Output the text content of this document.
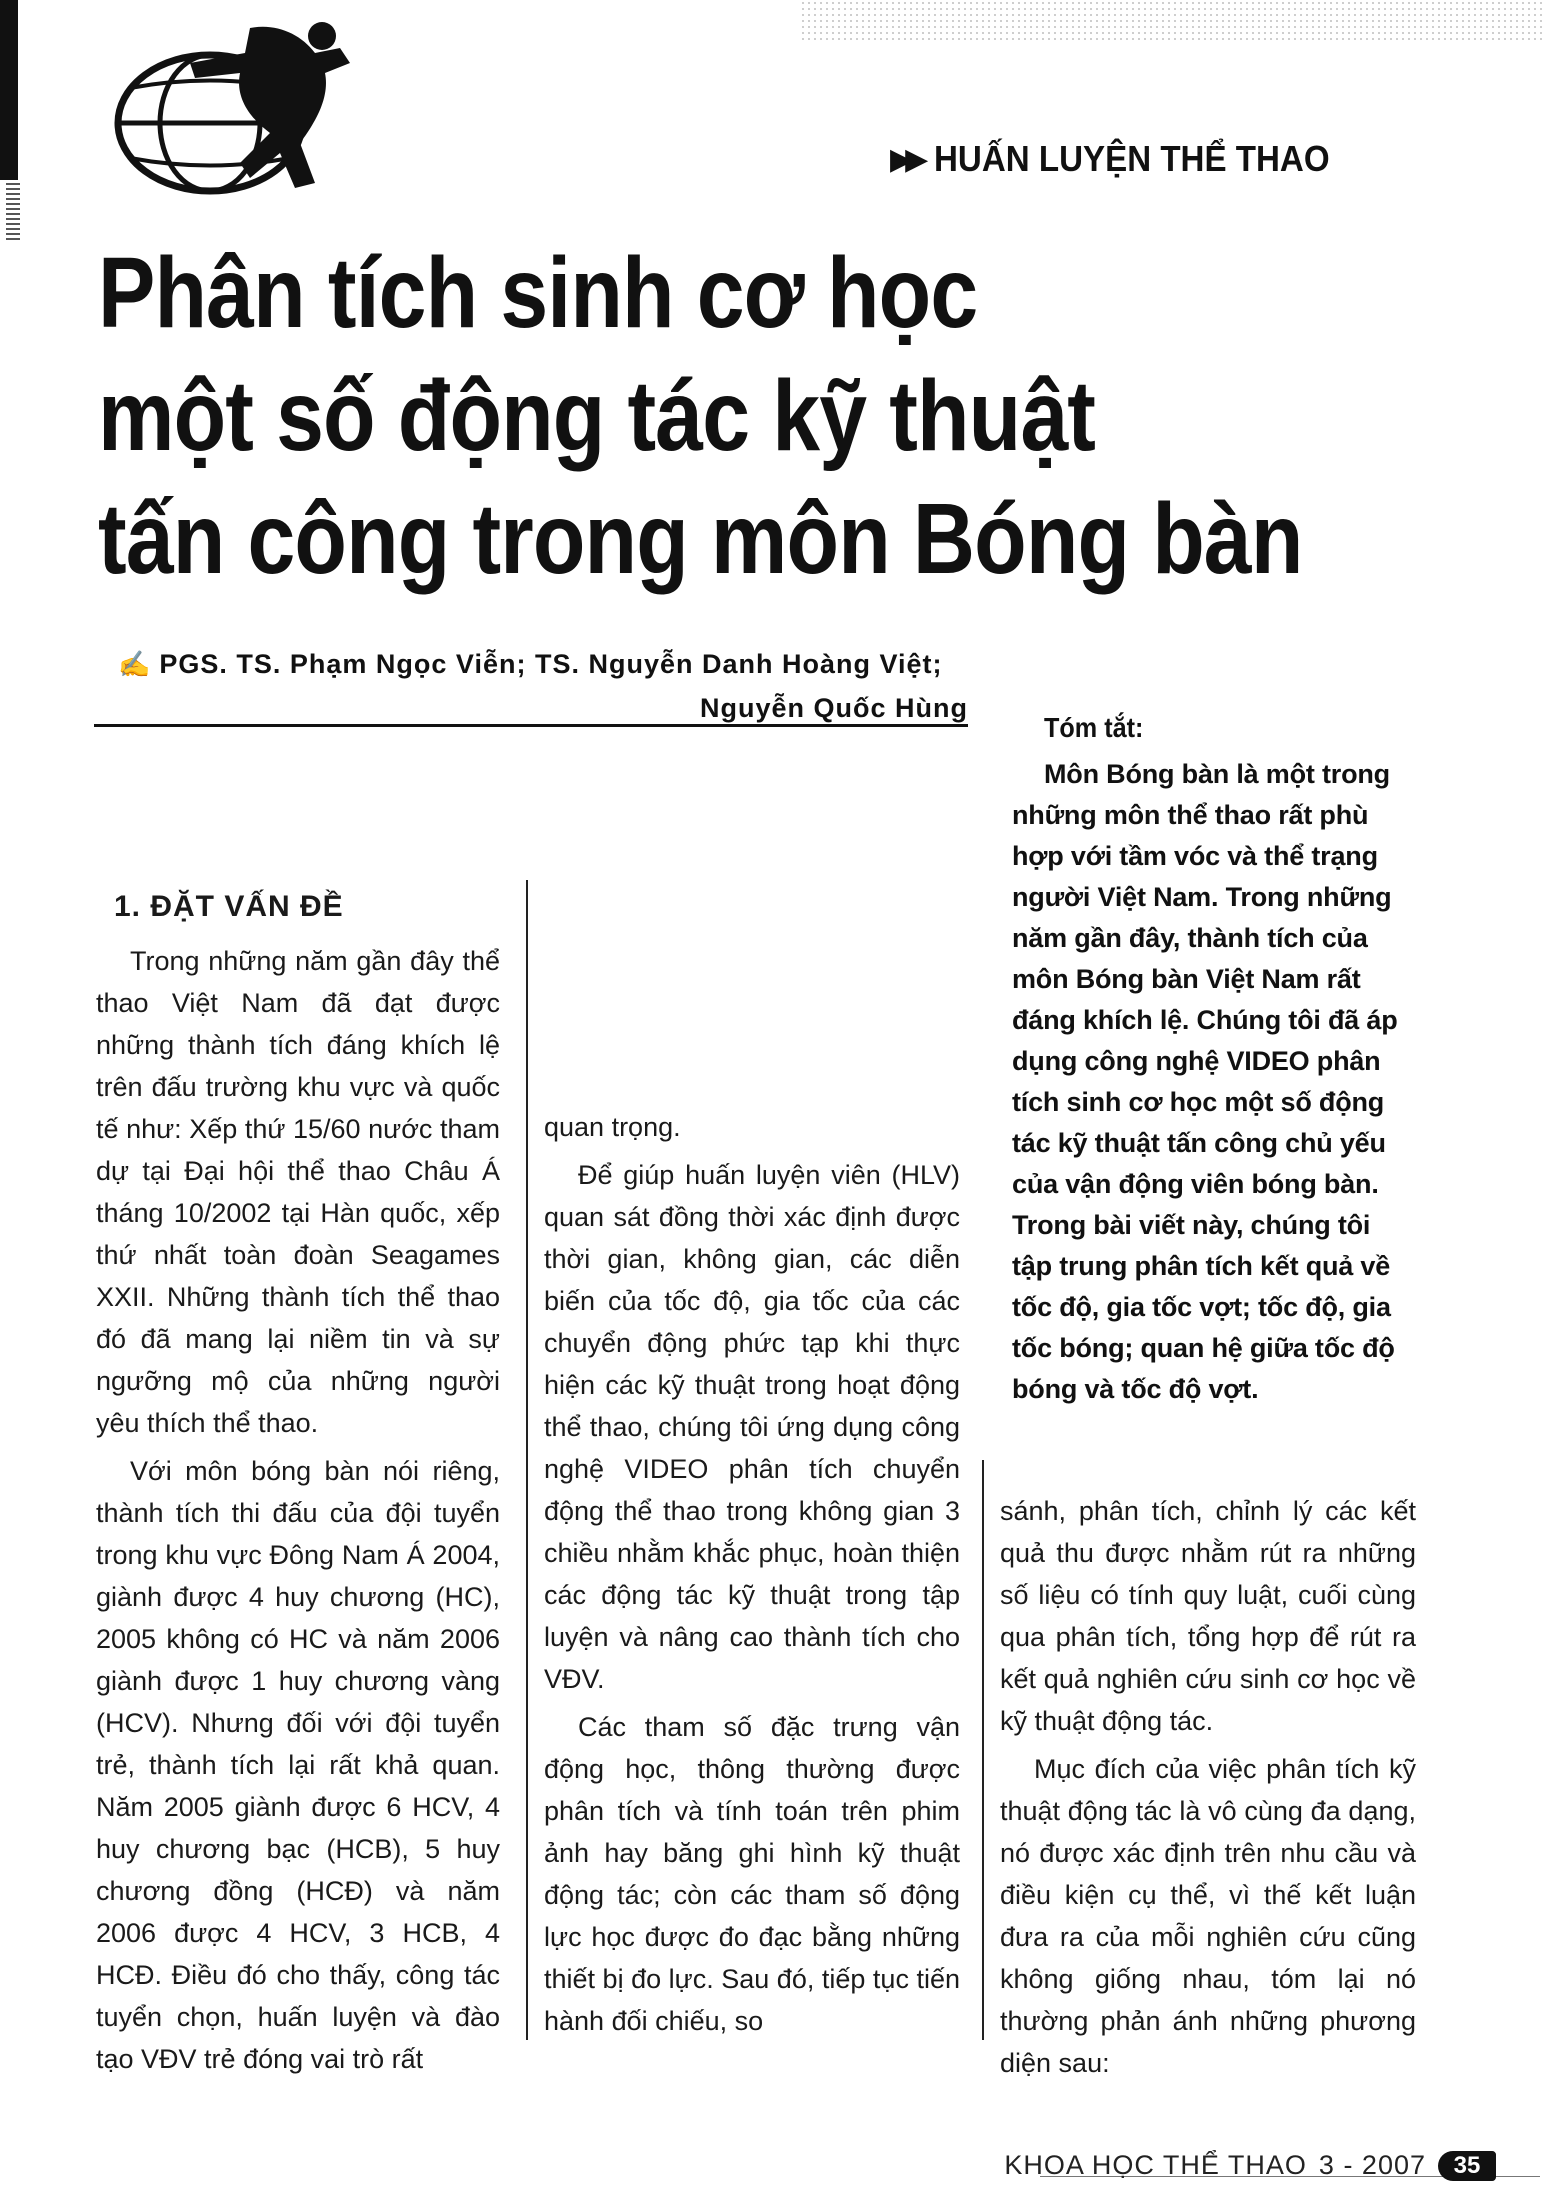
▶▶ HUẤN LUYỆN THỂ THAO
Phân tích sinh cơ học
một số động tác kỹ thuật
tấn công trong môn Bóng bàn
✍ PGS. TS. Phạm Ngọc Viễn; TS. Nguyễn Danh Hoàng Việt;
Nguyễn Quốc Hùng
Tóm tắt:
Môn Bóng bàn là một trong những môn thể thao rất phù hợp với tầm vóc và thể trạng người Việt Nam. Trong những năm gần đây, thành tích của môn Bóng bàn Việt Nam rất đáng khích lệ. Chúng tôi đã áp dụng công nghệ VIDEO phân tích sinh cơ học một số động tác kỹ thuật tấn công chủ yếu của vận động viên bóng bàn. Trong bài viết này, chúng tôi tập trung phân tích kết quả về tốc độ, gia tốc vợt; tốc độ, gia tốc bóng; quan hệ giữa tốc độ bóng và tốc độ vợt.
1. ĐẶT VẤN ĐỀ

Trong những năm gần đây thể thao Việt Nam đã đạt được những thành tích đáng khích lệ trên đấu trường khu vực và quốc tế như: Xếp thứ 15/60 nước tham dự tại Đại hội thể thao Châu Á tháng 10/2002 tại Hàn quốc, xếp thứ nhất toàn đoàn Seagames XXII. Những thành tích thể thao đó đã mang lại niềm tin và sự ngưỡng mộ của những người yêu thích thể thao.

Với môn bóng bàn nói riêng, thành tích thi đấu của đội tuyển trong khu vực Đông Nam Á 2004, giành được 4 huy chương (HC), 2005 không có HC và năm 2006 giành được 1 huy chương vàng (HCV). Nhưng đối với đội tuyển trẻ, thành tích lại rất khả quan. Năm 2005 giành được 6 HCV, 4 huy chương bạc (HCB), 5 huy chương đồng (HCĐ) và năm 2006 được 4 HCV, 3 HCB, 4 HCĐ. Điều đó cho thấy, công tác tuyển chọn, huấn luyện và đào tạo VĐV trẻ đóng vai trò rất

quan trọng.

Để giúp huấn luyện viên (HLV) quan sát đồng thời xác định được thời gian, không gian, các diễn biến của tốc độ, gia tốc của các chuyển động phức tạp khi thực hiện các kỹ thuật trong hoạt động thể thao, chúng tôi ứng dụng công nghệ VIDEO phân tích chuyển động thể thao trong không gian 3 chiều nhằm khắc phục, hoàn thiện các động tác kỹ thuật trong tập luyện và nâng cao thành tích cho VĐV.

Các tham số đặc trưng vận động học, thông thường được phân tích và tính toán trên phim ảnh hay băng ghi hình kỹ thuật động tác; còn các tham số động lực học được đo đạc bằng những thiết bị đo lực. Sau đó, tiếp tục tiến hành đối chiếu, so

sánh, phân tích, chỉnh lý các kết quả thu được nhằm rút ra những số liệu có tính quy luật, cuối cùng qua phân tích, tổng hợp để rút ra kết quả nghiên cứu sinh cơ học về kỹ thuật động tác.

Mục đích của việc phân tích kỹ thuật động tác là vô cùng đa dạng, nó được xác định trên nhu cầu và điều kiện cụ thể, vì thế kết luận đưa ra của mỗi nghiên cứu cũng không giống nhau, tóm lại nó thường phản ánh những phương diện sau:

KHOA HỌC THỂ THAO 3 - 2007	35
